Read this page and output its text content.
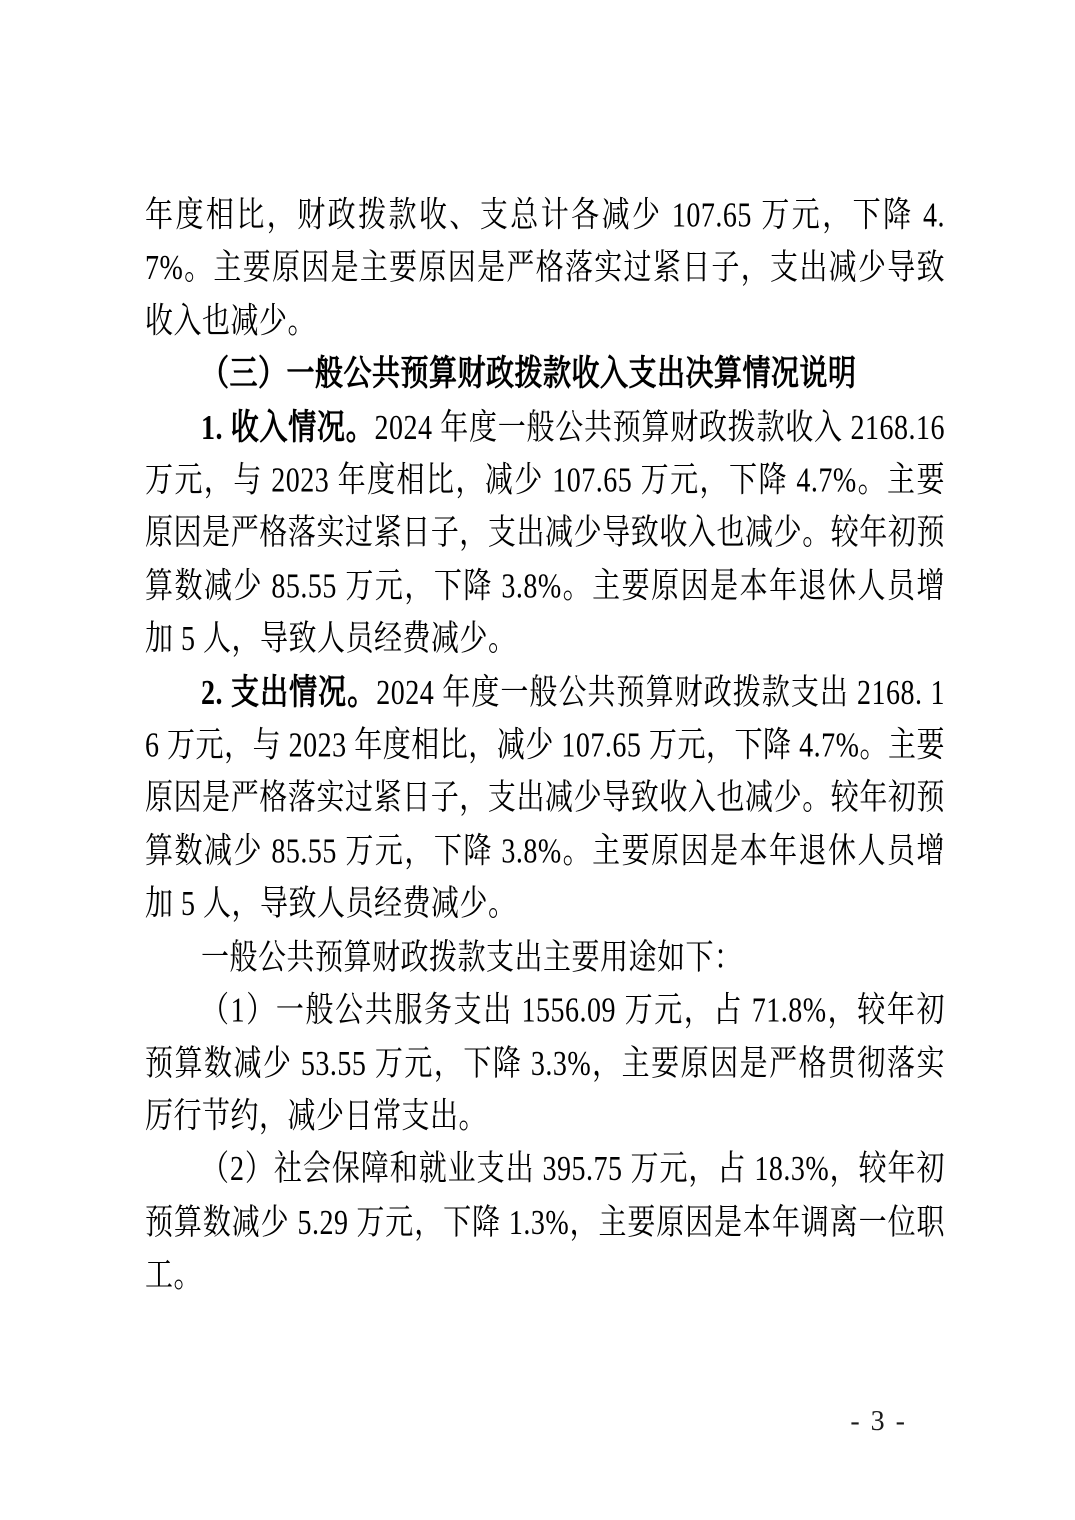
年度相比，财政拨款收、支总计各减少 107.65 万元，下降 4.7%。主要原因是主要原因是严格落实过紧日子，支出减少导致收入也减少。

（三）一般公共预算财政拨款收入支出决算情况说明

1. 收入情况。2024 年度一般公共预算财政拨款收入 2168.16 万元，与 2023 年度相比，减少 107.65 万元，下降 4.7%。主要原因是严格落实过紧日子，支出减少导致收入也减少。较年初预算数减少 85.55 万元，下降 3.8%。主要原因是本年退休人员增加 5 人，导致人员经费减少。

2. 支出情况。2024 年度一般公共预算财政拨款支出 2168. 16 万元，与 2023 年度相比，减少 107.65 万元，下降 4.7%。主要原因是严格落实过紧日子，支出减少导致收入也减少。较年初预算数减少 85.55 万元，下降 3.8%。主要原因是本年退休人员增加 5 人，导致人员经费减少。

一般公共预算财政拨款支出主要用途如下：

（1）一般公共服务支出 1556.09 万元，占 71.8%，较年初预算数减少 53.55 万元，下降 3.3%，主要原因是严格贯彻落实厉行节约，减少日常支出。

（2）社会保障和就业支出 395.75 万元，占 18.3%，较年初预算数减少 5.29 万元，下降 1.3%，主要原因是本年调离一位职工。

- 3 -
